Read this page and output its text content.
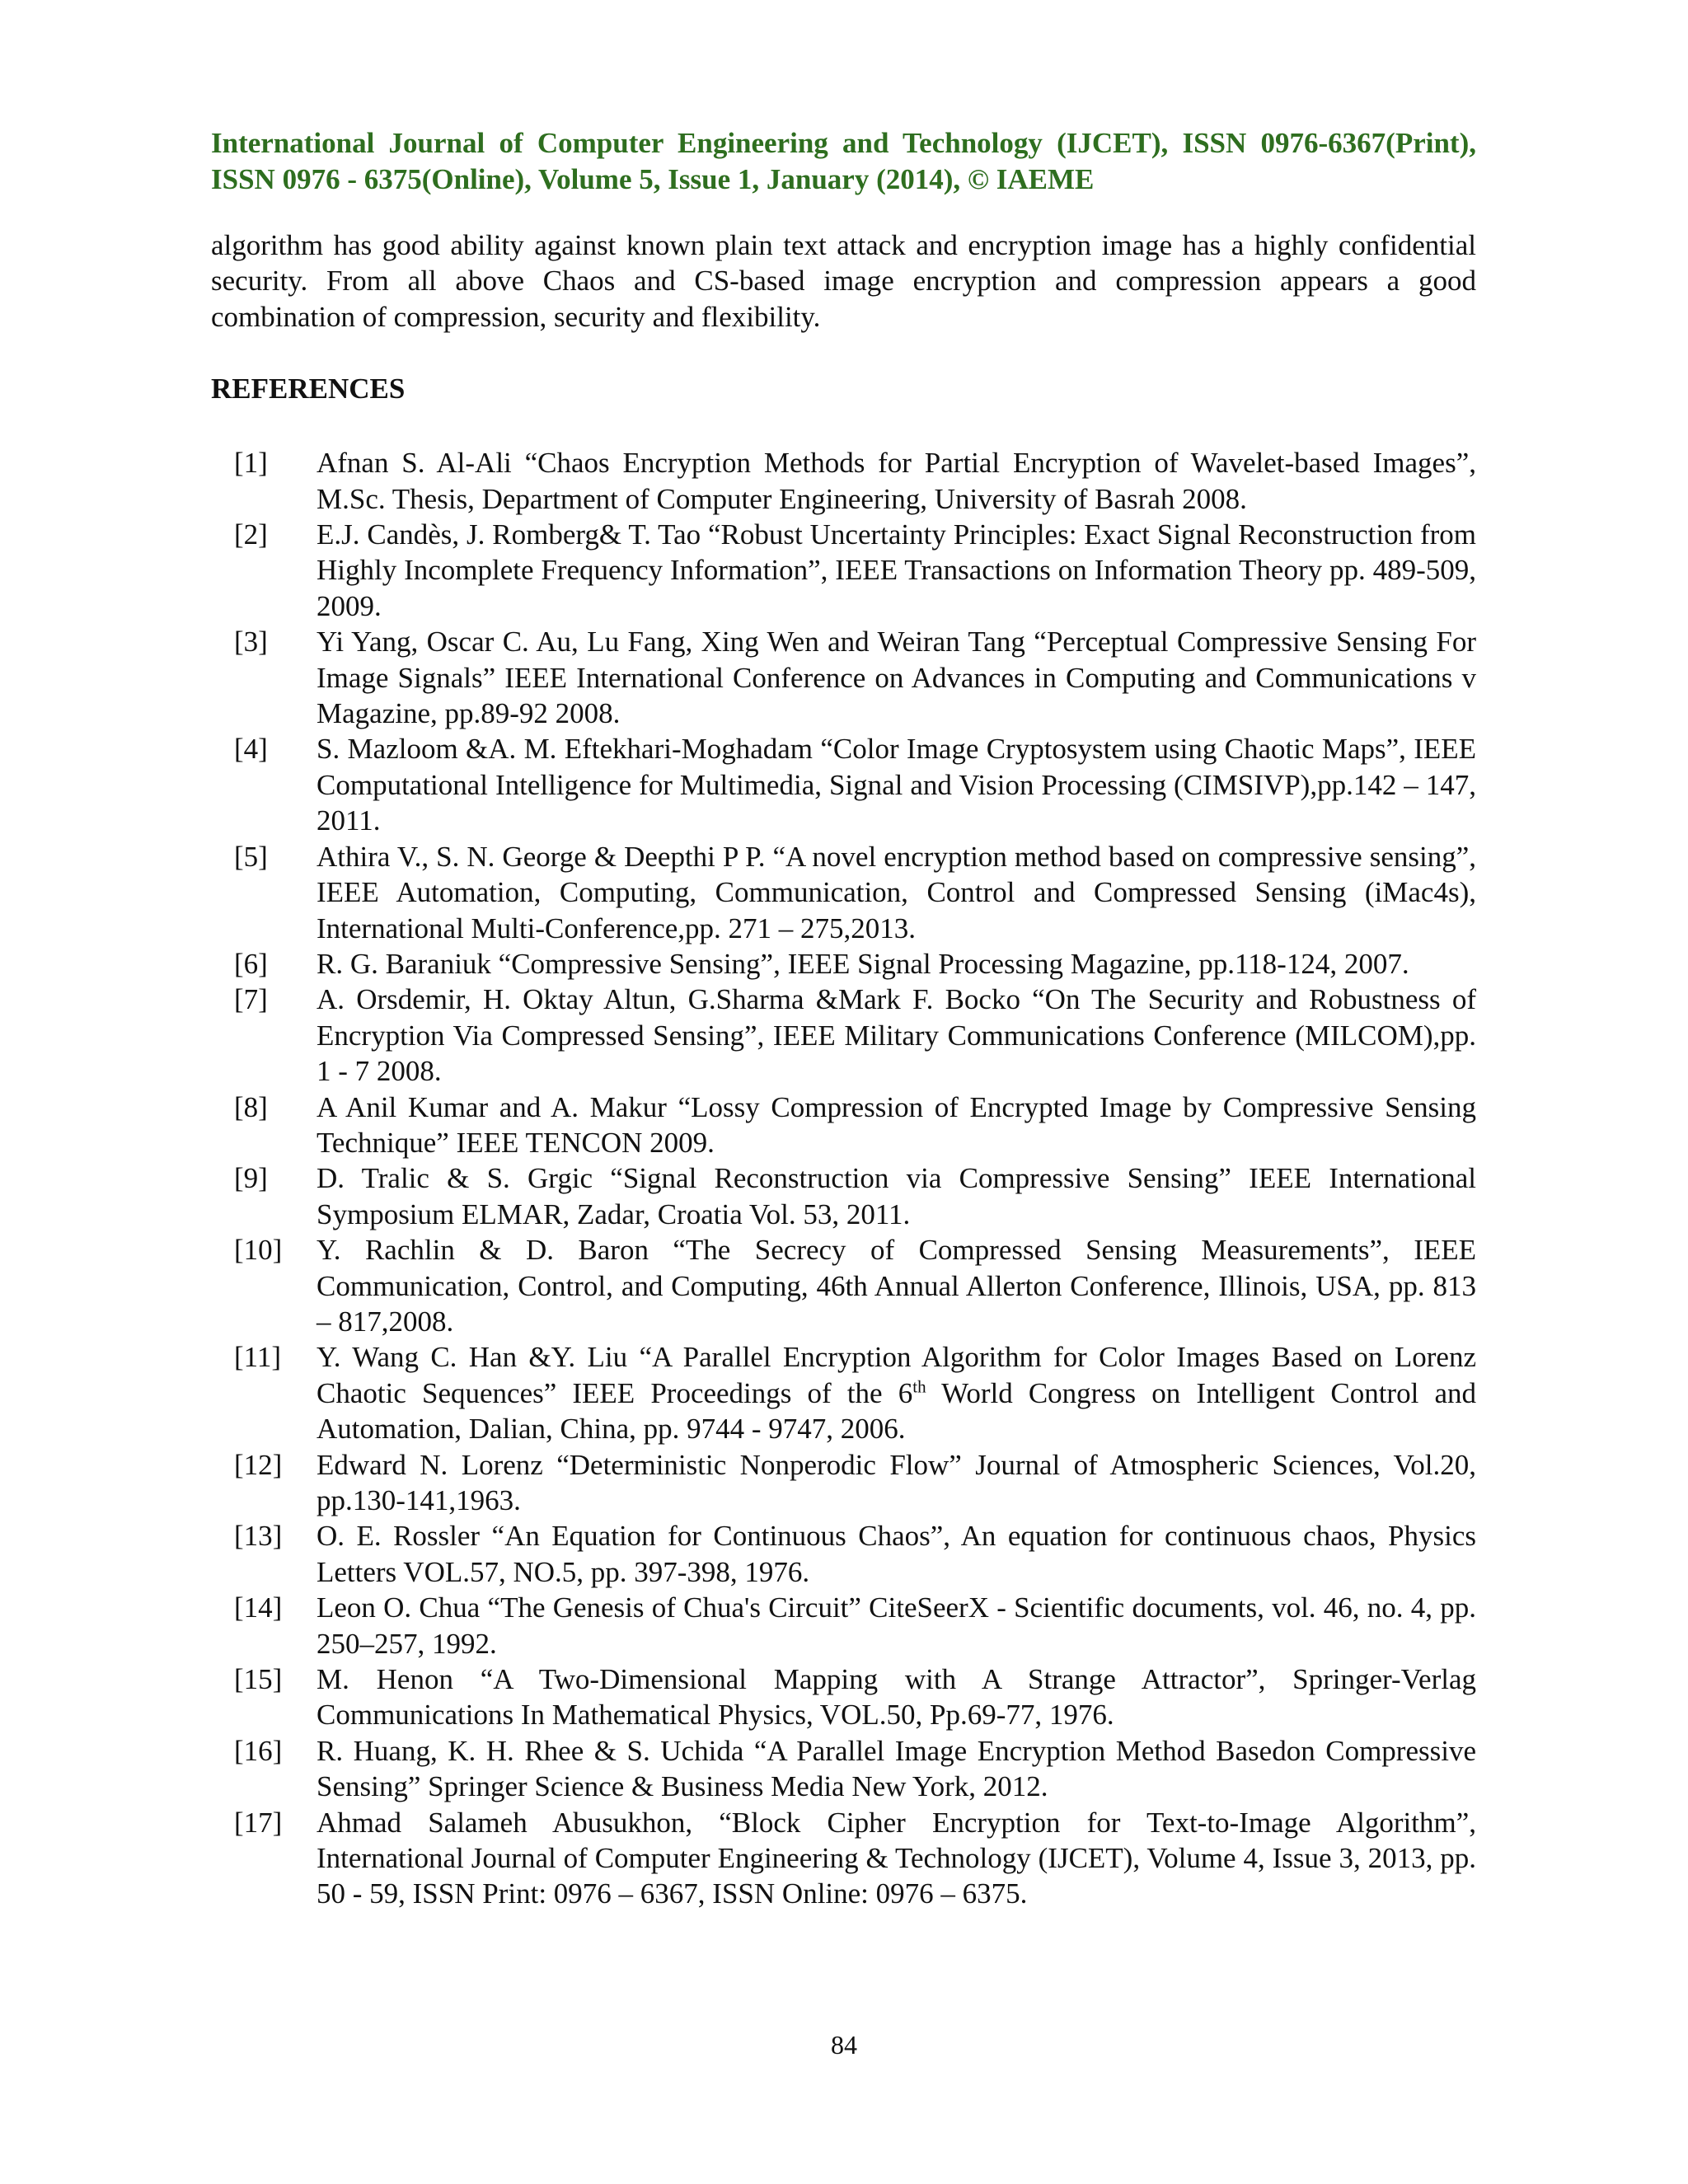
International Journal of Computer Engineering and Technology (IJCET), ISSN 0976-6367(Print), ISSN 0976 - 6375(Online), Volume 5, Issue 1, January (2014), © IAEME

algorithm has good ability against known plain text attack and encryption image has a highly confidential security. From all above Chaos and CS-based image encryption and compression appears a good combination of compression, security and flexibility.
REFERENCES
[1]	Afnan S. Al-Ali “Chaos Encryption Methods for Partial Encryption of Wavelet-based Images”, M.Sc. Thesis, Department of Computer Engineering, University of Basrah 2008.
[2]	E.J. Candès, J. Romberg& T. Tao “Robust Uncertainty Principles: Exact Signal Reconstruction from Highly Incomplete Frequency Information”, IEEE Transactions on Information Theory pp. 489-509, 2009.
[3]	Yi Yang, Oscar C. Au, Lu Fang, Xing Wen and Weiran Tang “Perceptual Compressive Sensing For Image Signals” IEEE International Conference on Advances in Computing and Communications v Magazine, pp.89-92 2008.
[4]	S. Mazloom &A. M. Eftekhari-Moghadam “Color Image Cryptosystem using Chaotic Maps”, IEEE Computational Intelligence for Multimedia, Signal and Vision Processing (CIMSIVP),pp.142 – 147, 2011.
[5]	Athira V., S. N. George & Deepthi P P. “A novel encryption method based on compressive sensing”, IEEE Automation, Computing, Communication, Control and Compressed Sensing (iMac4s), International Multi-Conference,pp. 271 – 275,2013.
[6]	R. G. Baraniuk “Compressive Sensing”, IEEE Signal Processing Magazine, pp.118-124, 2007.
[7]	A. Orsdemir, H. Oktay Altun, G.Sharma &Mark F. Bocko “On The Security and Robustness of Encryption Via Compressed Sensing”, IEEE Military Communications Conference (MILCOM),pp. 1 - 7 2008.
[8]	A Anil Kumar and A. Makur “Lossy Compression of Encrypted Image by Compressive Sensing Technique” IEEE TENCON 2009.
[9]	D. Tralic & S. Grgic “Signal Reconstruction via Compressive Sensing” IEEE International Symposium ELMAR, Zadar, Croatia Vol. 53, 2011.
[10]	Y. Rachlin & D. Baron “The Secrecy of Compressed Sensing Measurements”, IEEE Communication, Control, and Computing, 46th Annual Allerton Conference, Illinois, USA, pp. 813 – 817,2008.
[11]	Y. Wang C. Han &Y. Liu “A Parallel Encryption Algorithm for Color Images Based on Lorenz Chaotic Sequences” IEEE Proceedings of the 6th World Congress on Intelligent Control and Automation, Dalian, China, pp. 9744 - 9747, 2006.
[12]	Edward N. Lorenz “Deterministic Nonperodic Flow” Journal of Atmospheric Sciences, Vol.20, pp.130-141,1963.
[13]	O. E. Rossler “An Equation for Continuous Chaos”, An equation for continuous chaos, Physics Letters VOL.57, NO.5, pp. 397-398, 1976.
[14]	Leon O. Chua “The Genesis of Chua's Circuit” CiteSeerX - Scientific documents, vol. 46, no. 4, pp. 250–257, 1992.
[15]	M. Henon “A Two-Dimensional Mapping with A Strange Attractor”, Springer-Verlag Communications In Mathematical Physics, VOL.50, Pp.69-77, 1976.
[16]	R. Huang, K. H. Rhee & S. Uchida “A Parallel Image Encryption Method Basedon Compressive Sensing” Springer Science & Business Media New York, 2012.
[17]	Ahmad Salameh Abusukhon, “Block Cipher Encryption for Text-to-Image Algorithm”, International Journal of Computer Engineering & Technology (IJCET), Volume 4, Issue 3, 2013, pp. 50 - 59, ISSN Print: 0976 – 6367, ISSN Online: 0976 – 6375.
84
